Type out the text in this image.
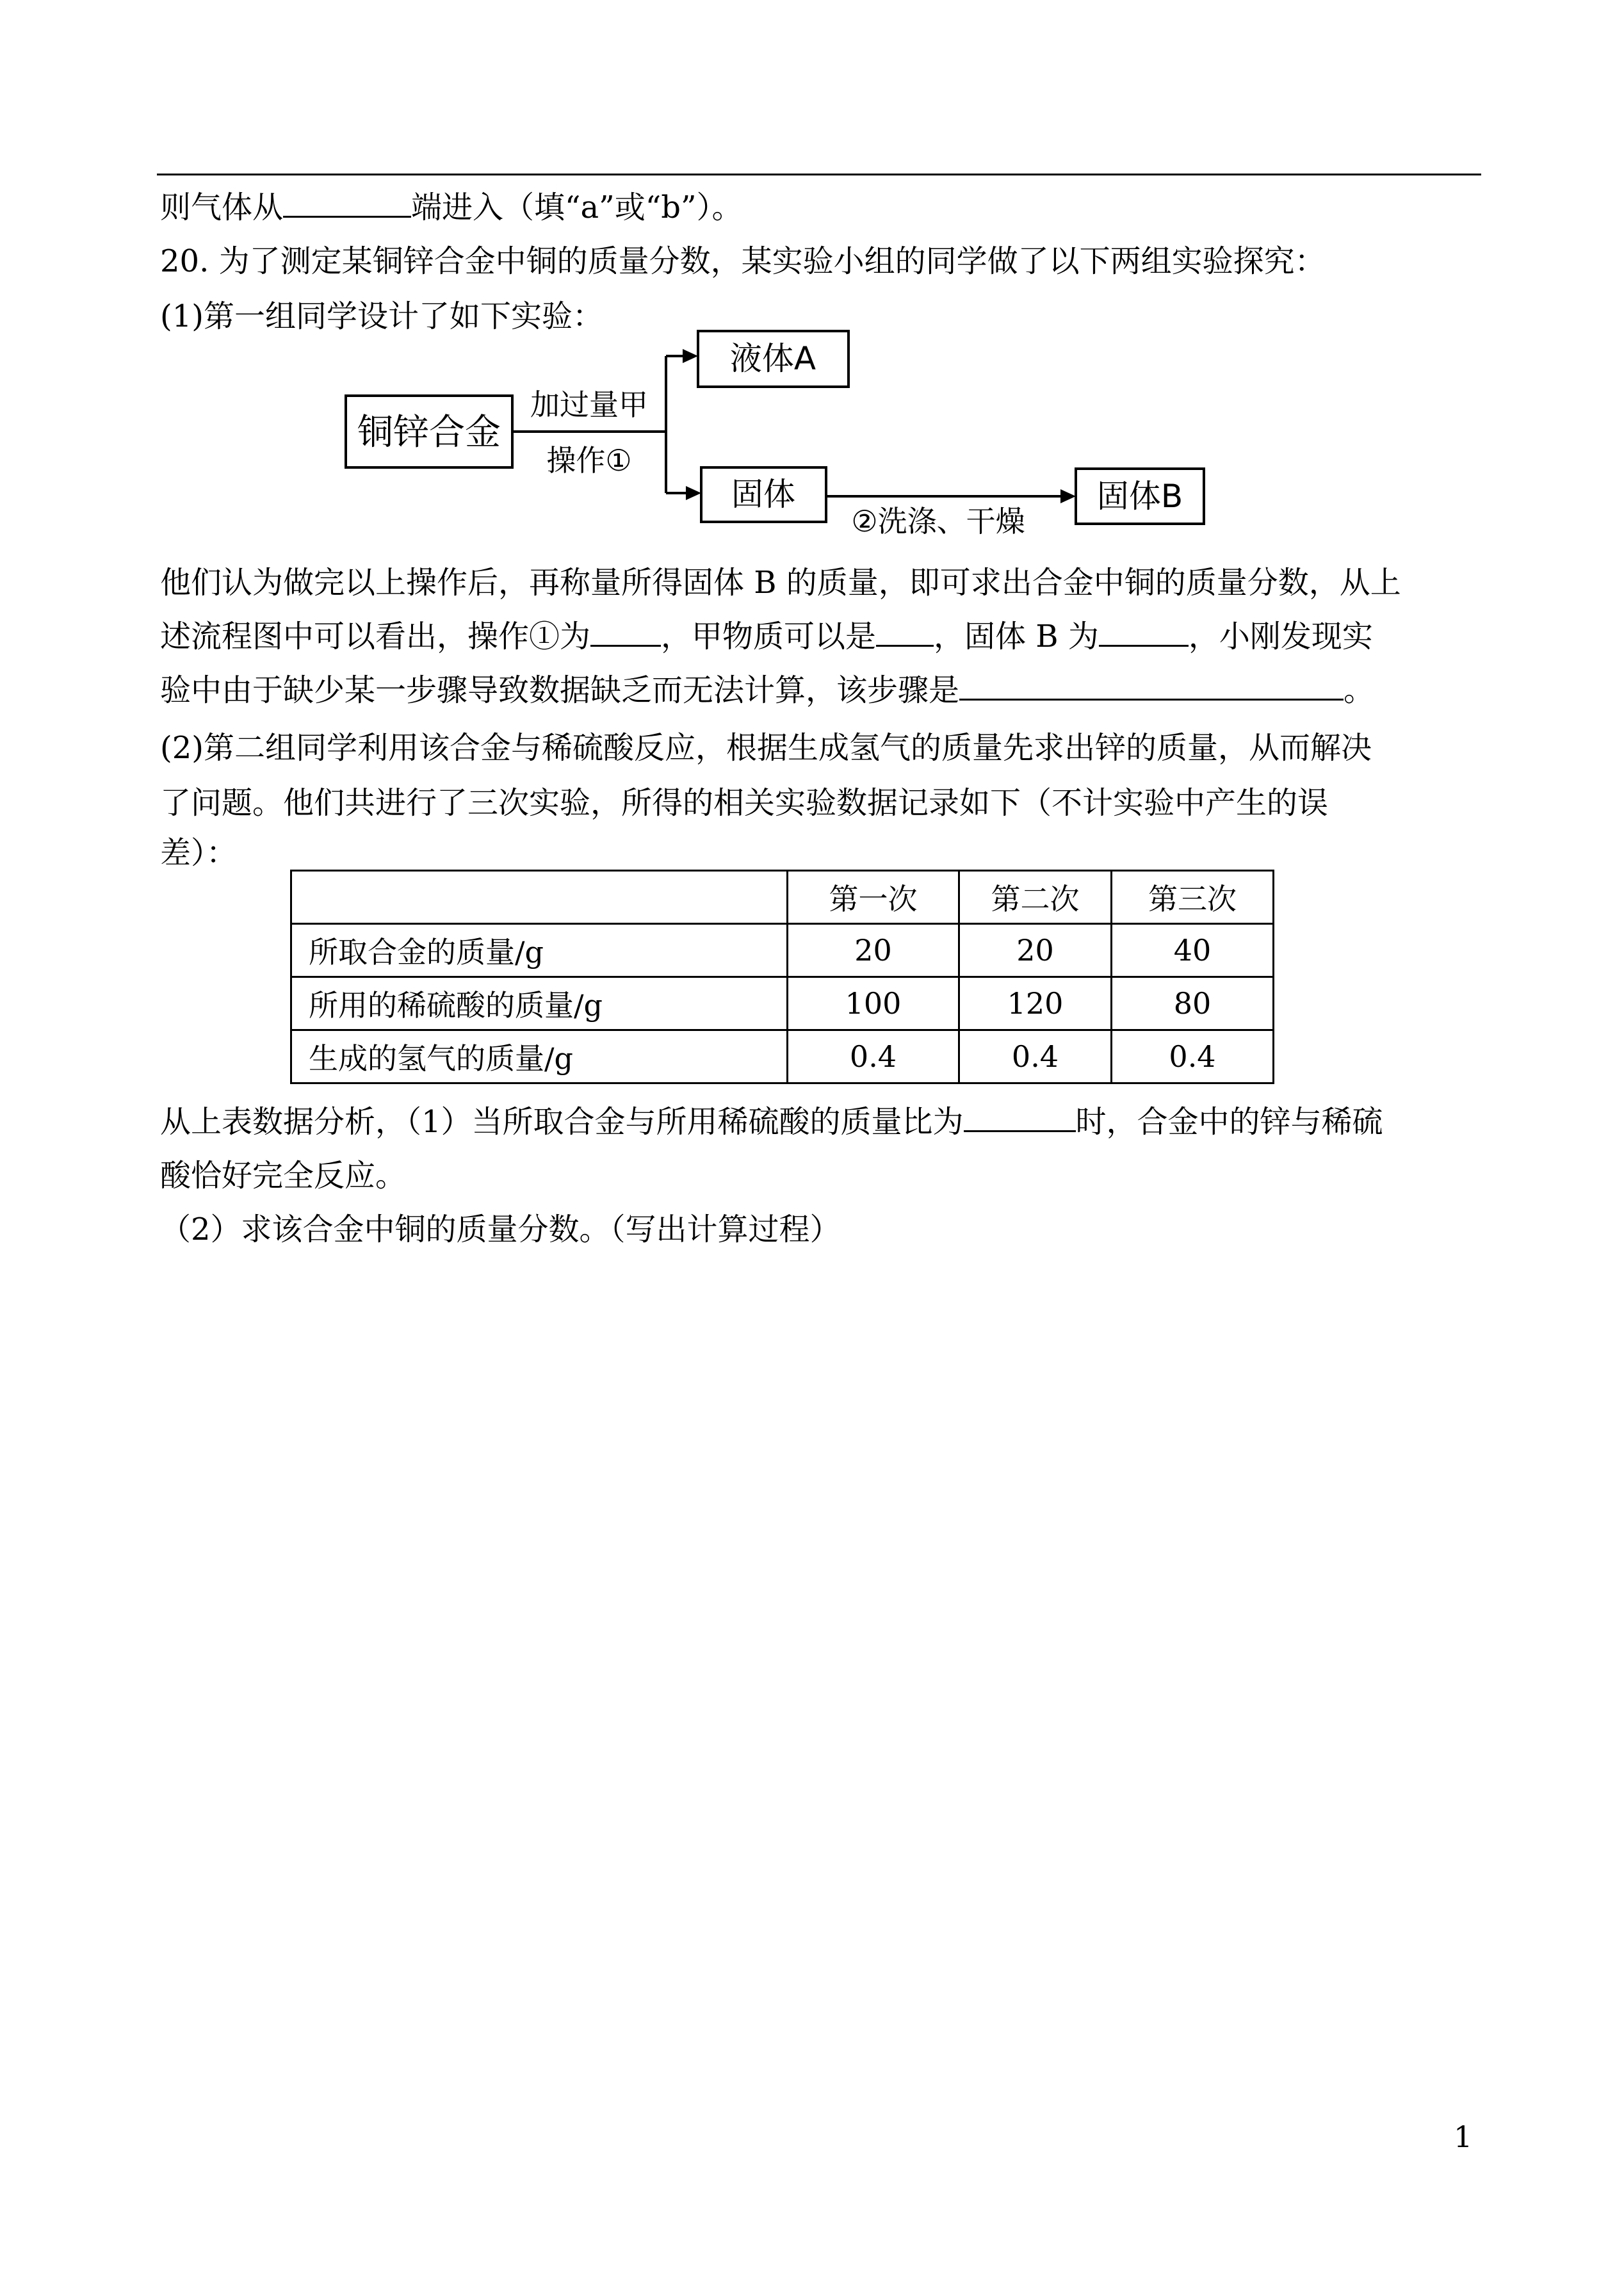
则气体从	端进入（填“a”或“b”）。
20. 为了测定某铜锌合金中铜的质量分数，某实验小组的同学做了以下两组实验探究：
(1)第一组同学设计了如下实验：
铜锌合金
加过量甲
操作①
液体A
固体
②洗涤、干燥
固体B
他们认为做完以上操作后，再称量所得固体 B 的质量，即可求出合金中铜的质量分数，从上
述流程图中可以看出，操作①为 ，甲物质可以是 ，固体 B 为	，小刚发现实
验中由于缺少某一步骤导致数据缺乏而无法计算，该步骤是	。
(2)第二组同学利用该合金与稀硫酸反应，根据生成氢气的质量先求出锌的质量，从而解决
了问题。他们共进行了三次实验，所得的相关实验数据记录如下（不计实验中产生的误
差）：
	第一次	第二次	第三次
所取合金的质量/g	20	20	40
所用的稀硫酸的质量/g	100	120	80
生成的氢气的质量/g	0.4	0.4	0.4
从上表数据分析，（1）当所取合金与所用稀硫酸的质量比为	时，合金中的锌与稀硫
酸恰好完全反应。
（2）求该合金中铜的质量分数。（写出计算过程）
1
